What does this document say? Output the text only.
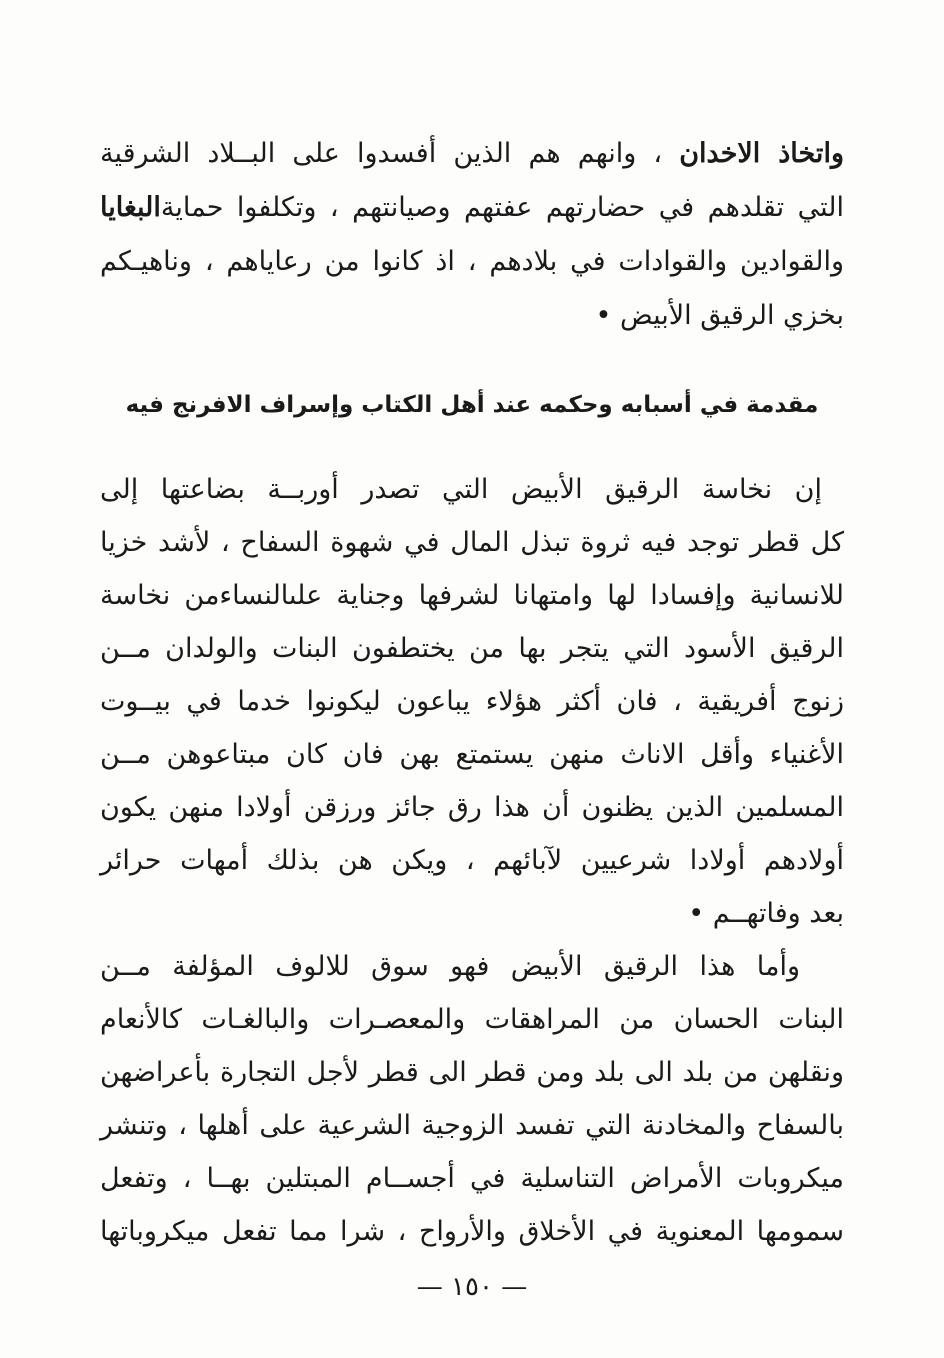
واتخاذ الاخدان ، وانهم هم الذين أفسدوا على البــلاد الشرقية
التي تقلدهم في حضارتهم عفتهم وصيانتهم ، وتكلفوا حمايةالبغايا
والقوادين والقوادات في بلادهم ، اذ كانوا من رعاياهم ، وناهيـكم
بخزي الرقيق الأبيض •
مقدمة في أسبابه وحكمه عند أهل الكتاب وإسراف الافرنج فيه
إن نخاسة الرقيق الأبيض التي تصدر أوربــة بضاعتها إلى
كل قطر توجد فيه ثروة تبذل المال في شهوة السفاح ، لأشد خزيا
للانسانية وإفسادا لها وامتهانا لشرفها وجناية علىالنساءمن نخاسة
الرقيق الأسود التي يتجر بها من يختطفون البنات والولدان مــن
زنوج أفريقية ، فان أكثر هؤلاء يباعون ليكونوا خدما في بيــوت
الأغنياء وأقل الاناث منهن يستمتع بهن فان كان مبتاعوهن مــن
المسلمين الذين يظنون أن هذا رق جائز ورزقن أولادا منهن يكون
أولادهم أولادا شرعيين لآبائهم ، ويكن هن بذلك أمهات حرائر
بعد وفاتهــم •
وأما هذا الرقيق الأبيض فهو سوق للالوف المؤلفة مــن
البنات الحسان من المراهقات والمعصـرات والبالغـات كالأنعام
ونقلهن من بلد الى بلد ومن قطر الى قطر لأجل التجارة بأعراضهن
بالسفاح والمخادنة التي تفسد الزوجية الشرعية على أهلها ، وتنشر
ميكروبات الأمراض التناسلية في أجســام المبتلين بهــا ، وتفعل
سمومها المعنوية في الأخلاق والأرواح ، شرا مما تفعل ميكروباتها
— ١٥٠ —
